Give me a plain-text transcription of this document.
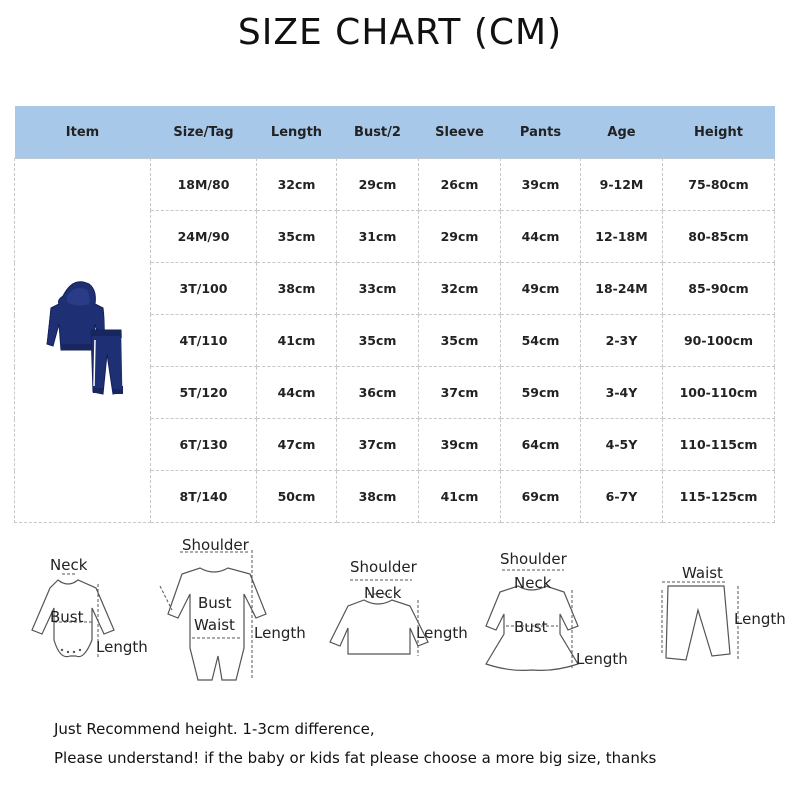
SIZE CHART (CM)
Item	Size/Tag	Length	Bust/2	Sleeve	Pants	Age	Height
	18M/80	32cm	29cm	26cm	39cm	9-12M	75-80cm
	24M/90	35cm	31cm	29cm	44cm	12-18M	80-85cm
	3T/100	38cm	33cm	32cm	49cm	18-24M	85-90cm
	4T/110	41cm	35cm	35cm	54cm	2-3Y	90-100cm
	5T/120	44cm	36cm	37cm	59cm	3-4Y	100-110cm
	6T/130	47cm	37cm	39cm	64cm	4-5Y	110-115cm
	8T/140	50cm	38cm	41cm	69cm	6-7Y	115-125cm
Neck
Bust
Length
Shoulder
Bust
Waist Length
Shoulder
Neck
Length
Shoulder
Neck
Bust
Length
Waist
Length
Just Recommend height. 1-3cm difference,
Please understand! if the baby or kids fat please choose a more big size, thanks
